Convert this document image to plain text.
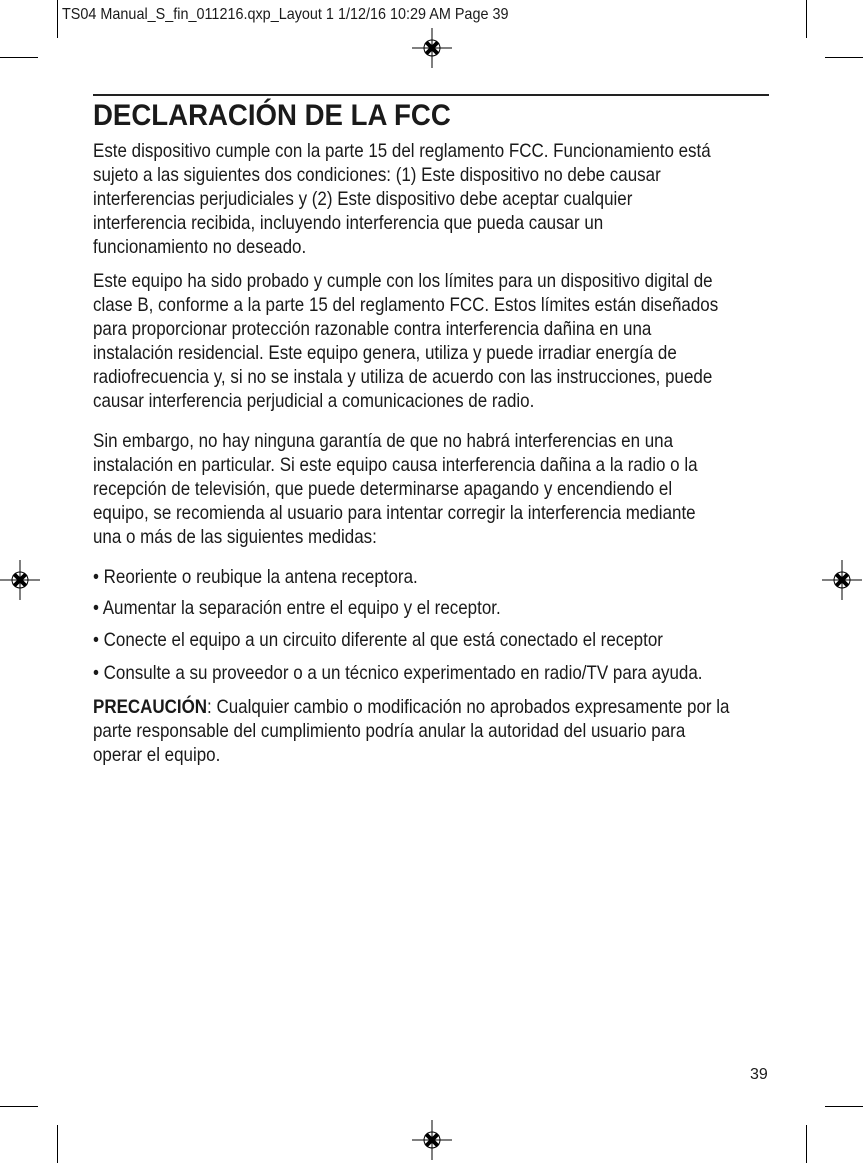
TS04 Manual_S_fin_011216.qxp_Layout 1 1/12/16 10:29 AM Page 39
DECLARACIÓN DE LA FCC
Este dispositivo cumple con la parte 15 del reglamento FCC. Funcionamiento está
sujeto a las siguientes dos condiciones: (1) Este dispositivo no debe causar
interferencias perjudiciales y (2) Este dispositivo debe aceptar cualquier
interferencia recibida, incluyendo interferencia que pueda causar un
funcionamiento no deseado.
Este equipo ha sido probado y cumple con los límites para un dispositivo digital de
clase B, conforme a la parte 15 del reglamento FCC. Estos límites están diseñados
para proporcionar protección razonable contra interferencia dañina en una
instalación residencial. Este equipo genera, utiliza y puede irradiar energía de
radiofrecuencia y, si no se instala y utiliza de acuerdo con las instrucciones, puede
causar interferencia perjudicial a comunicaciones de radio.
Sin embargo, no hay ninguna garantía de que no habrá interferencias en una
instalación en particular. Si este equipo causa interferencia dañina a la radio o la
recepción de televisión, que puede determinarse apagando y encendiendo el
equipo, se recomienda al usuario para intentar corregir la interferencia mediante
una o más de las siguientes medidas:
• Reoriente o reubique la antena receptora.
• Aumentar la separación entre el equipo y el receptor.
• Conecte el equipo a un circuito diferente al que está conectado el receptor
• Consulte a su proveedor o a un técnico experimentado en radio/TV para ayuda.
PRECAUCIÓN: Cualquier cambio o modificación no aprobados expresamente por la
parte responsable del cumplimiento podría anular la autoridad del usuario para
operar el equipo.
39
